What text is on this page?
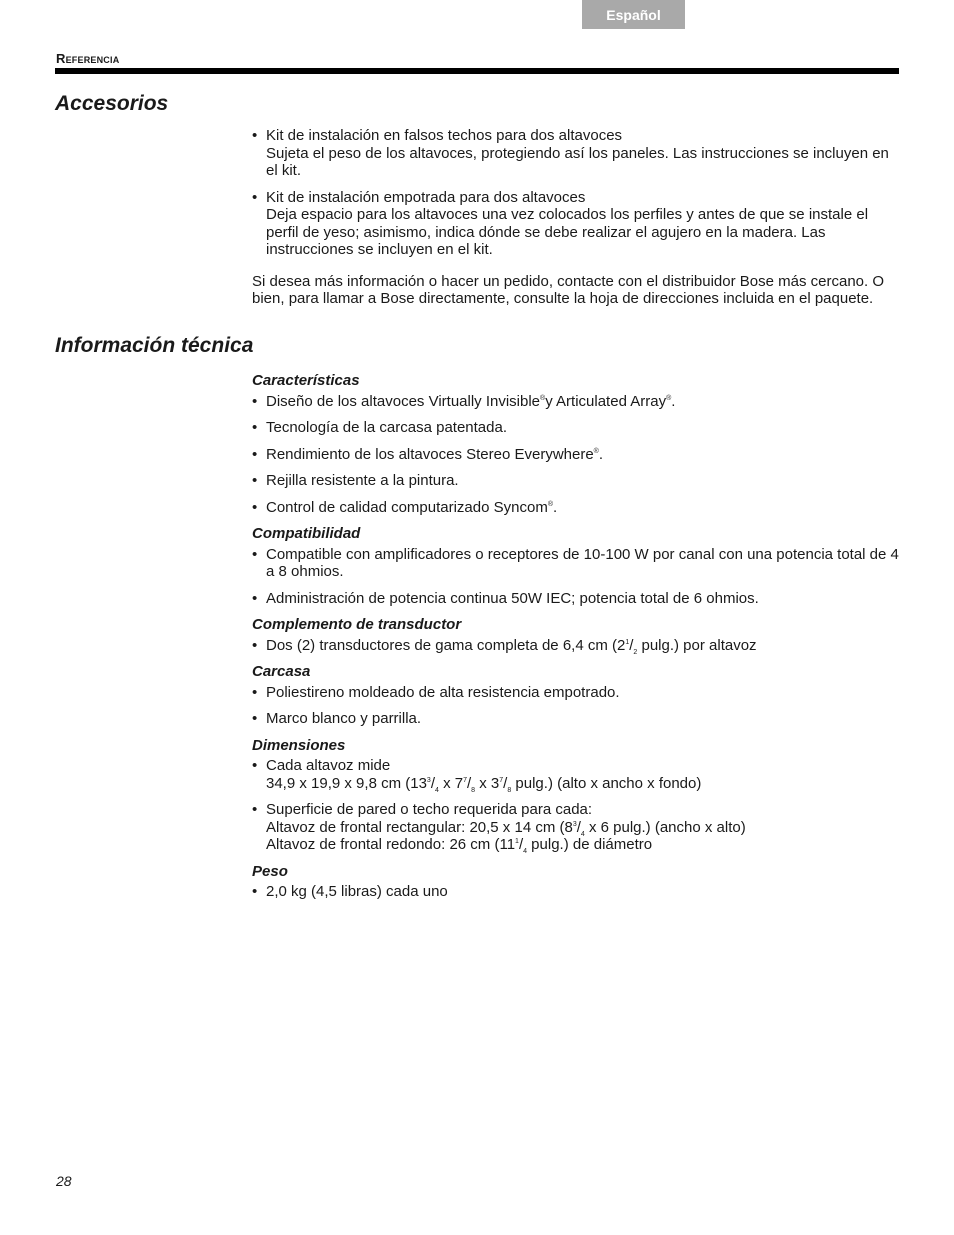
Español
Referencia
Accesorios
• Kit de instalación en falsos techos para dos altavoces
Sujeta el peso de los altavoces, protegiendo así los paneles. Las instrucciones se incluyen en el kit.
• Kit de instalación empotrada para dos altavoces
Deja espacio para los altavoces una vez colocados los perfiles y antes de que se instale el perfil de yeso; asimismo, indica dónde se debe realizar el agujero en la madera. Las instrucciones se incluyen en el kit.

Si desea más información o hacer un pedido, contacte con el distribuidor Bose más cercano. O bien, para llamar a Bose directamente, consulte la hoja de direcciones incluida en el paquete.

Información técnica

Características

• Diseño de los altavoces Virtually Invisible®y Articulated Array®.
• Tecnología de la carcasa patentada.
• Rendimiento de los altavoces Stereo Everywhere®.
• Rejilla resistente a la pintura.
• Control de calidad computarizado Syncom®.

Compatibilidad

• Compatible con amplificadores o receptores de 10-100 W por canal con una potencia total de 4 a 8 ohmios.
• Administración de potencia continua 50W IEC; potencia total de 6 ohmios.

Complemento de transductor

• Dos (2) transductores de gama completa de 6,4 cm ($2^1/_2$ pulg.) por altavoz

Carcasa

• Poliestireno moldeado de alta resistencia empotrado.
• Marco blanco y parrilla.

Dimensiones

• Cada altavoz mide
34,9 x 19,9 x 9,8 cm ($13^3/_4$ x $7^7/_8$ x $3^7/_8$ pulg.) (alto x ancho x fondo)
• Superficie de pared o techo requerida para cada:
Altavoz de frontal rectangular: 20,5 x 14 cm ($8^3/_4$ x 6 pulg.) (ancho x alto)
Altavoz de frontal redondo: 26 cm ($11^1/_4$ pulg.) de diámetro

Peso

• 2,0 kg (4,5 libras) cada uno
28
